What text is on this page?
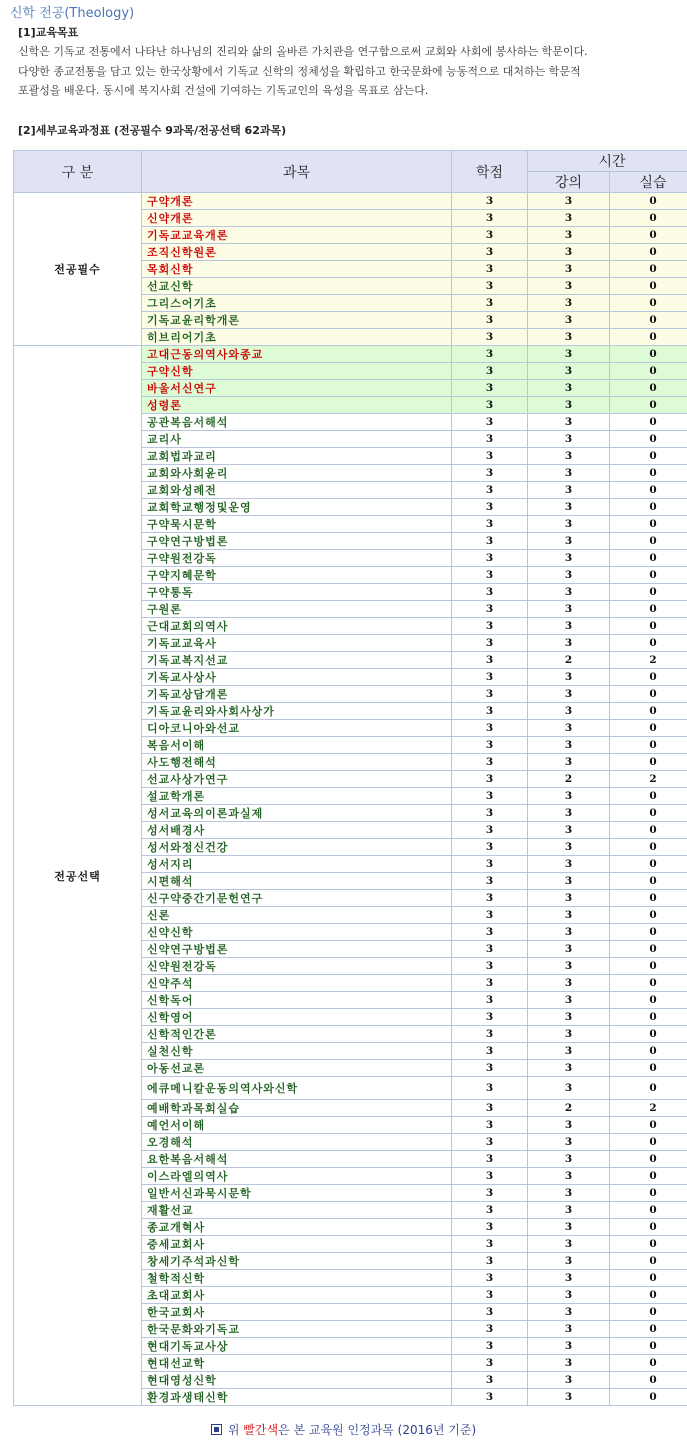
신학 전공(Theology)
[1]교육목표

신학은 기독교 전통에서 나타난 하나님의 진리와 삶의 올바른 가치관을 연구함으로써 교회와 사회에 봉사하는 학문이다.

다양한 종교전통을 담고 있는 한국상황에서 기독교 신학의 정체성을 확립하고 한국문화에 능동적으로 대처하는 학문적

포괄성을 배운다. 동시에 복지사회 건설에 기여하는 기독교인의 육성을 목표로 삼는다.

[2]세부교육과정표 (전공필수 9과목/전공선택 62과목)
구 분	과목	학점	시간	
			강의	실습
전공필수	구약개론	3	3	0
	신약개론	3	3	0
	기독교교육개론	3	3	0
	조직신학원론	3	3	0
	목회신학	3	3	0
	선교신학	3	3	0
	그리스어기초	3	3	0
	기독교윤리학개론	3	3	0
	히브리어기초	3	3	0
전공선택	고대근동의역사와종교	3	3	0
	구약신학	3	3	0
	바울서신연구	3	3	0
	성령론	3	3	0
	공관복음서해석	3	3	0
	교리사	3	3	0
	교회법과교리	3	3	0
	교회와사회윤리	3	3	0
	교회와성례전	3	3	0
	교회학교행정및운영	3	3	0
	구약묵시문학	3	3	0
	구약연구방법론	3	3	0
	구약원전강독	3	3	0
	구약지혜문학	3	3	0
	구약통독	3	3	0
	구원론	3	3	0
	근대교회의역사	3	3	0
	기독교교육사	3	3	0
	기독교복지선교	3	2	2
	기독교사상사	3	3	0
	기독교상담개론	3	3	0
	기독교윤리와사회사상가	3	3	0
	디아코니아와선교	3	3	0
	복음서이해	3	3	0
	사도행전해석	3	3	0
	선교사상가연구	3	2	2
	설교학개론	3	3	0
	성서교육의이론과실제	3	3	0
	성서배경사	3	3	0
	성서와정신건강	3	3	0
	성서지리	3	3	0
	시편해석	3	3	0
	신구약중간기문헌연구	3	3	0
	신론	3	3	0
	신약신학	3	3	0
	신약연구방법론	3	3	0
	신약원전강독	3	3	0
	신약주석	3	3	0
	신학독어	3	3	0
	신학영어	3	3	0
	신학적인간론	3	3	0
	실천신학	3	3	0
	아동선교론	3	3	0
	에큐메니칼운동의역사와신학	3	3	0
	예배학과목회실습	3	2	2
	예언서이해	3	3	0
	오경해석	3	3	0
	요한복음서해석	3	3	0
	이스라엘의역사	3	3	0
	일반서신과묵시문학	3	3	0
	재활선교	3	3	0
	종교개혁사	3	3	0
	중세교회사	3	3	0
	창세기주석과신학	3	3	0
	철학적신학	3	3	0
	초대교회사	3	3	0
	한국교회사	3	3	0
	한국문화와기독교	3	3	0
	현대기독교사상	3	3	0
	현대선교학	3	3	0
	현대영성신학	3	3	0
	환경과생태신학	3	3	0
위 빨간색은 본 교육원 인정과목 (2016년 기준)
